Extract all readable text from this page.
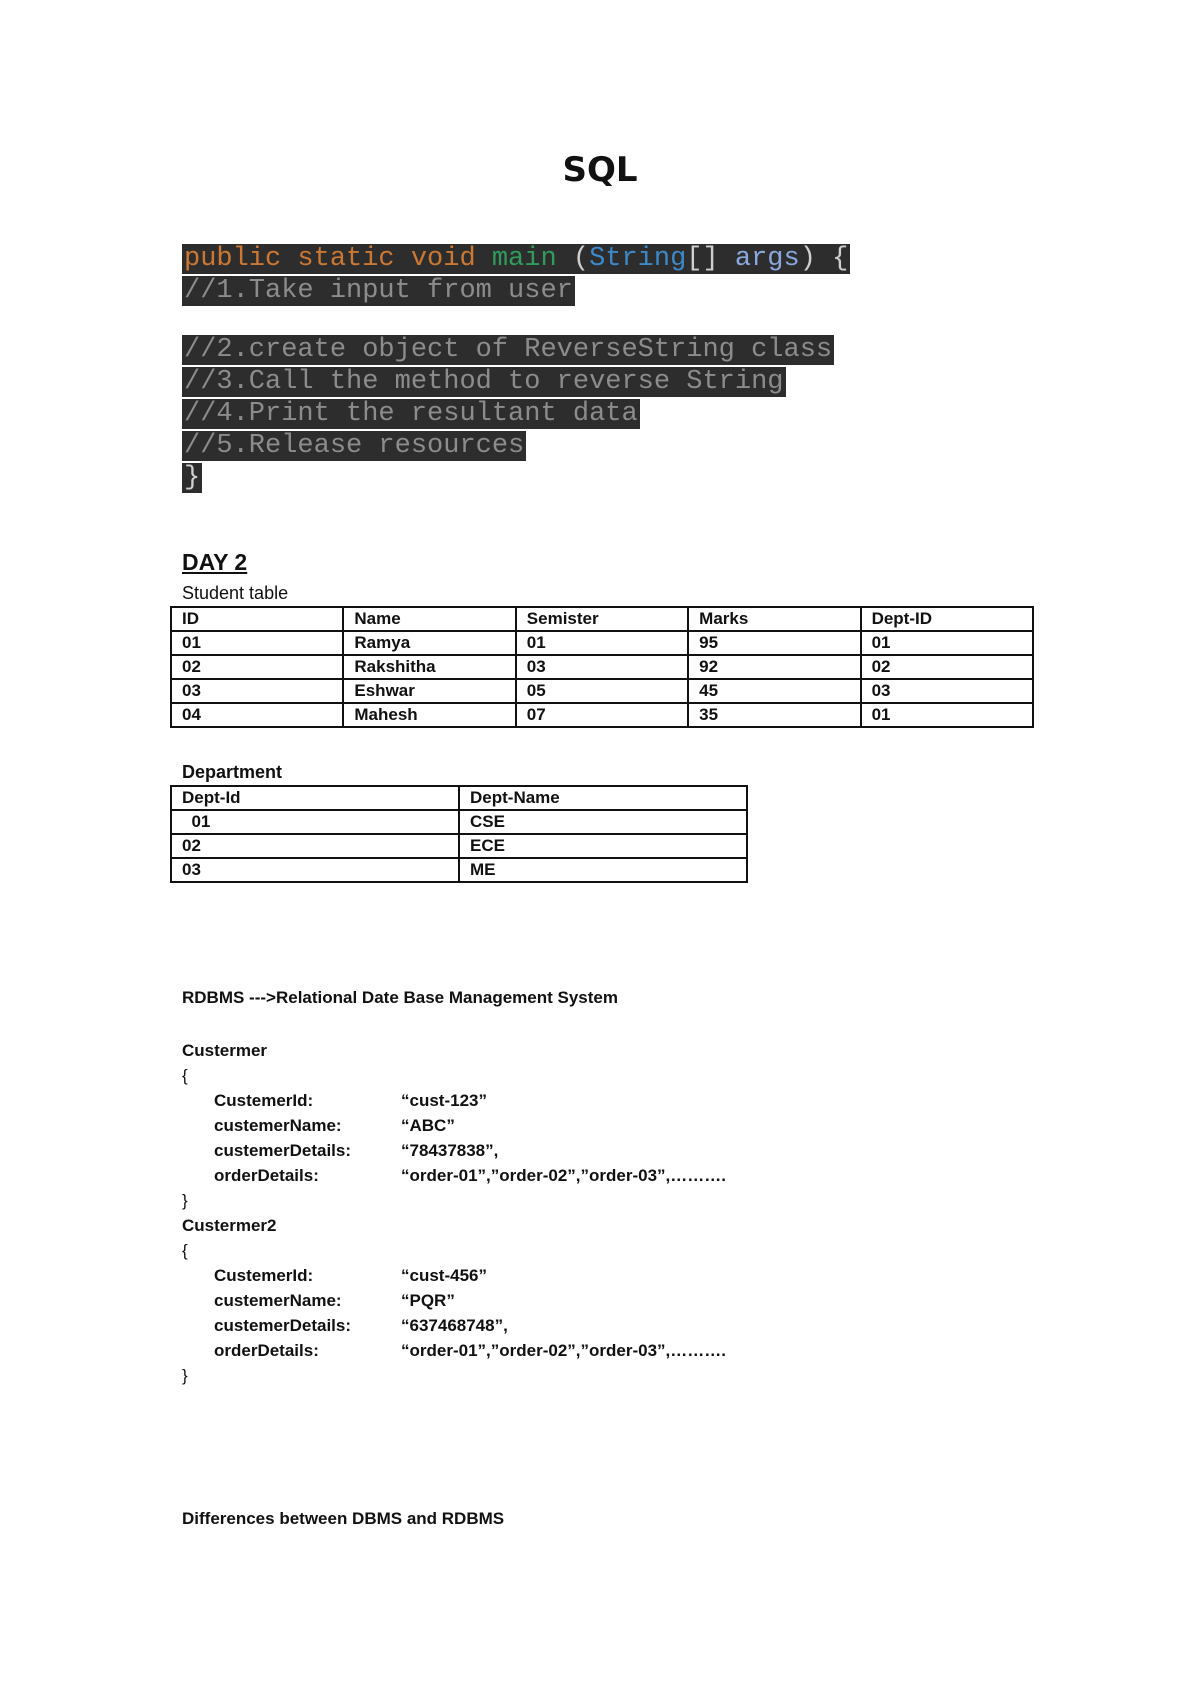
SQL
public static void main (String[] args) {
//1.Take input from user
//2.create object of ReverseString class
//3.Call the method to reverse String
//4.Print the resultant data
//5.Release resources
}
DAY 2

Student table

ID	Name	Semister	Marks	Dept-ID
01	Ramya	01	95	01
02	Rakshitha	03	92	02
03	Eshwar	05	45	03
04	Mahesh	07	35	01

Department

Dept-Id	Dept-Name
01	CSE
02	ECE
03	ME

RDBMS --->Relational Date Base Management System

Custermer
{
CustemerId:	“cust-123”
custemerName:	“ABC”
custemerDetails:	“78437838”,
orderDetails:	“order-01”,”order-02”,”order-03”,……….
}
Custermer2
{
CustemerId:	“cust-456”
custemerName:	“PQR”
custemerDetails:	“637468748”,
orderDetails:	“order-01”,”order-02”,”order-03”,……….
}

Differences between DBMS and RDBMS
